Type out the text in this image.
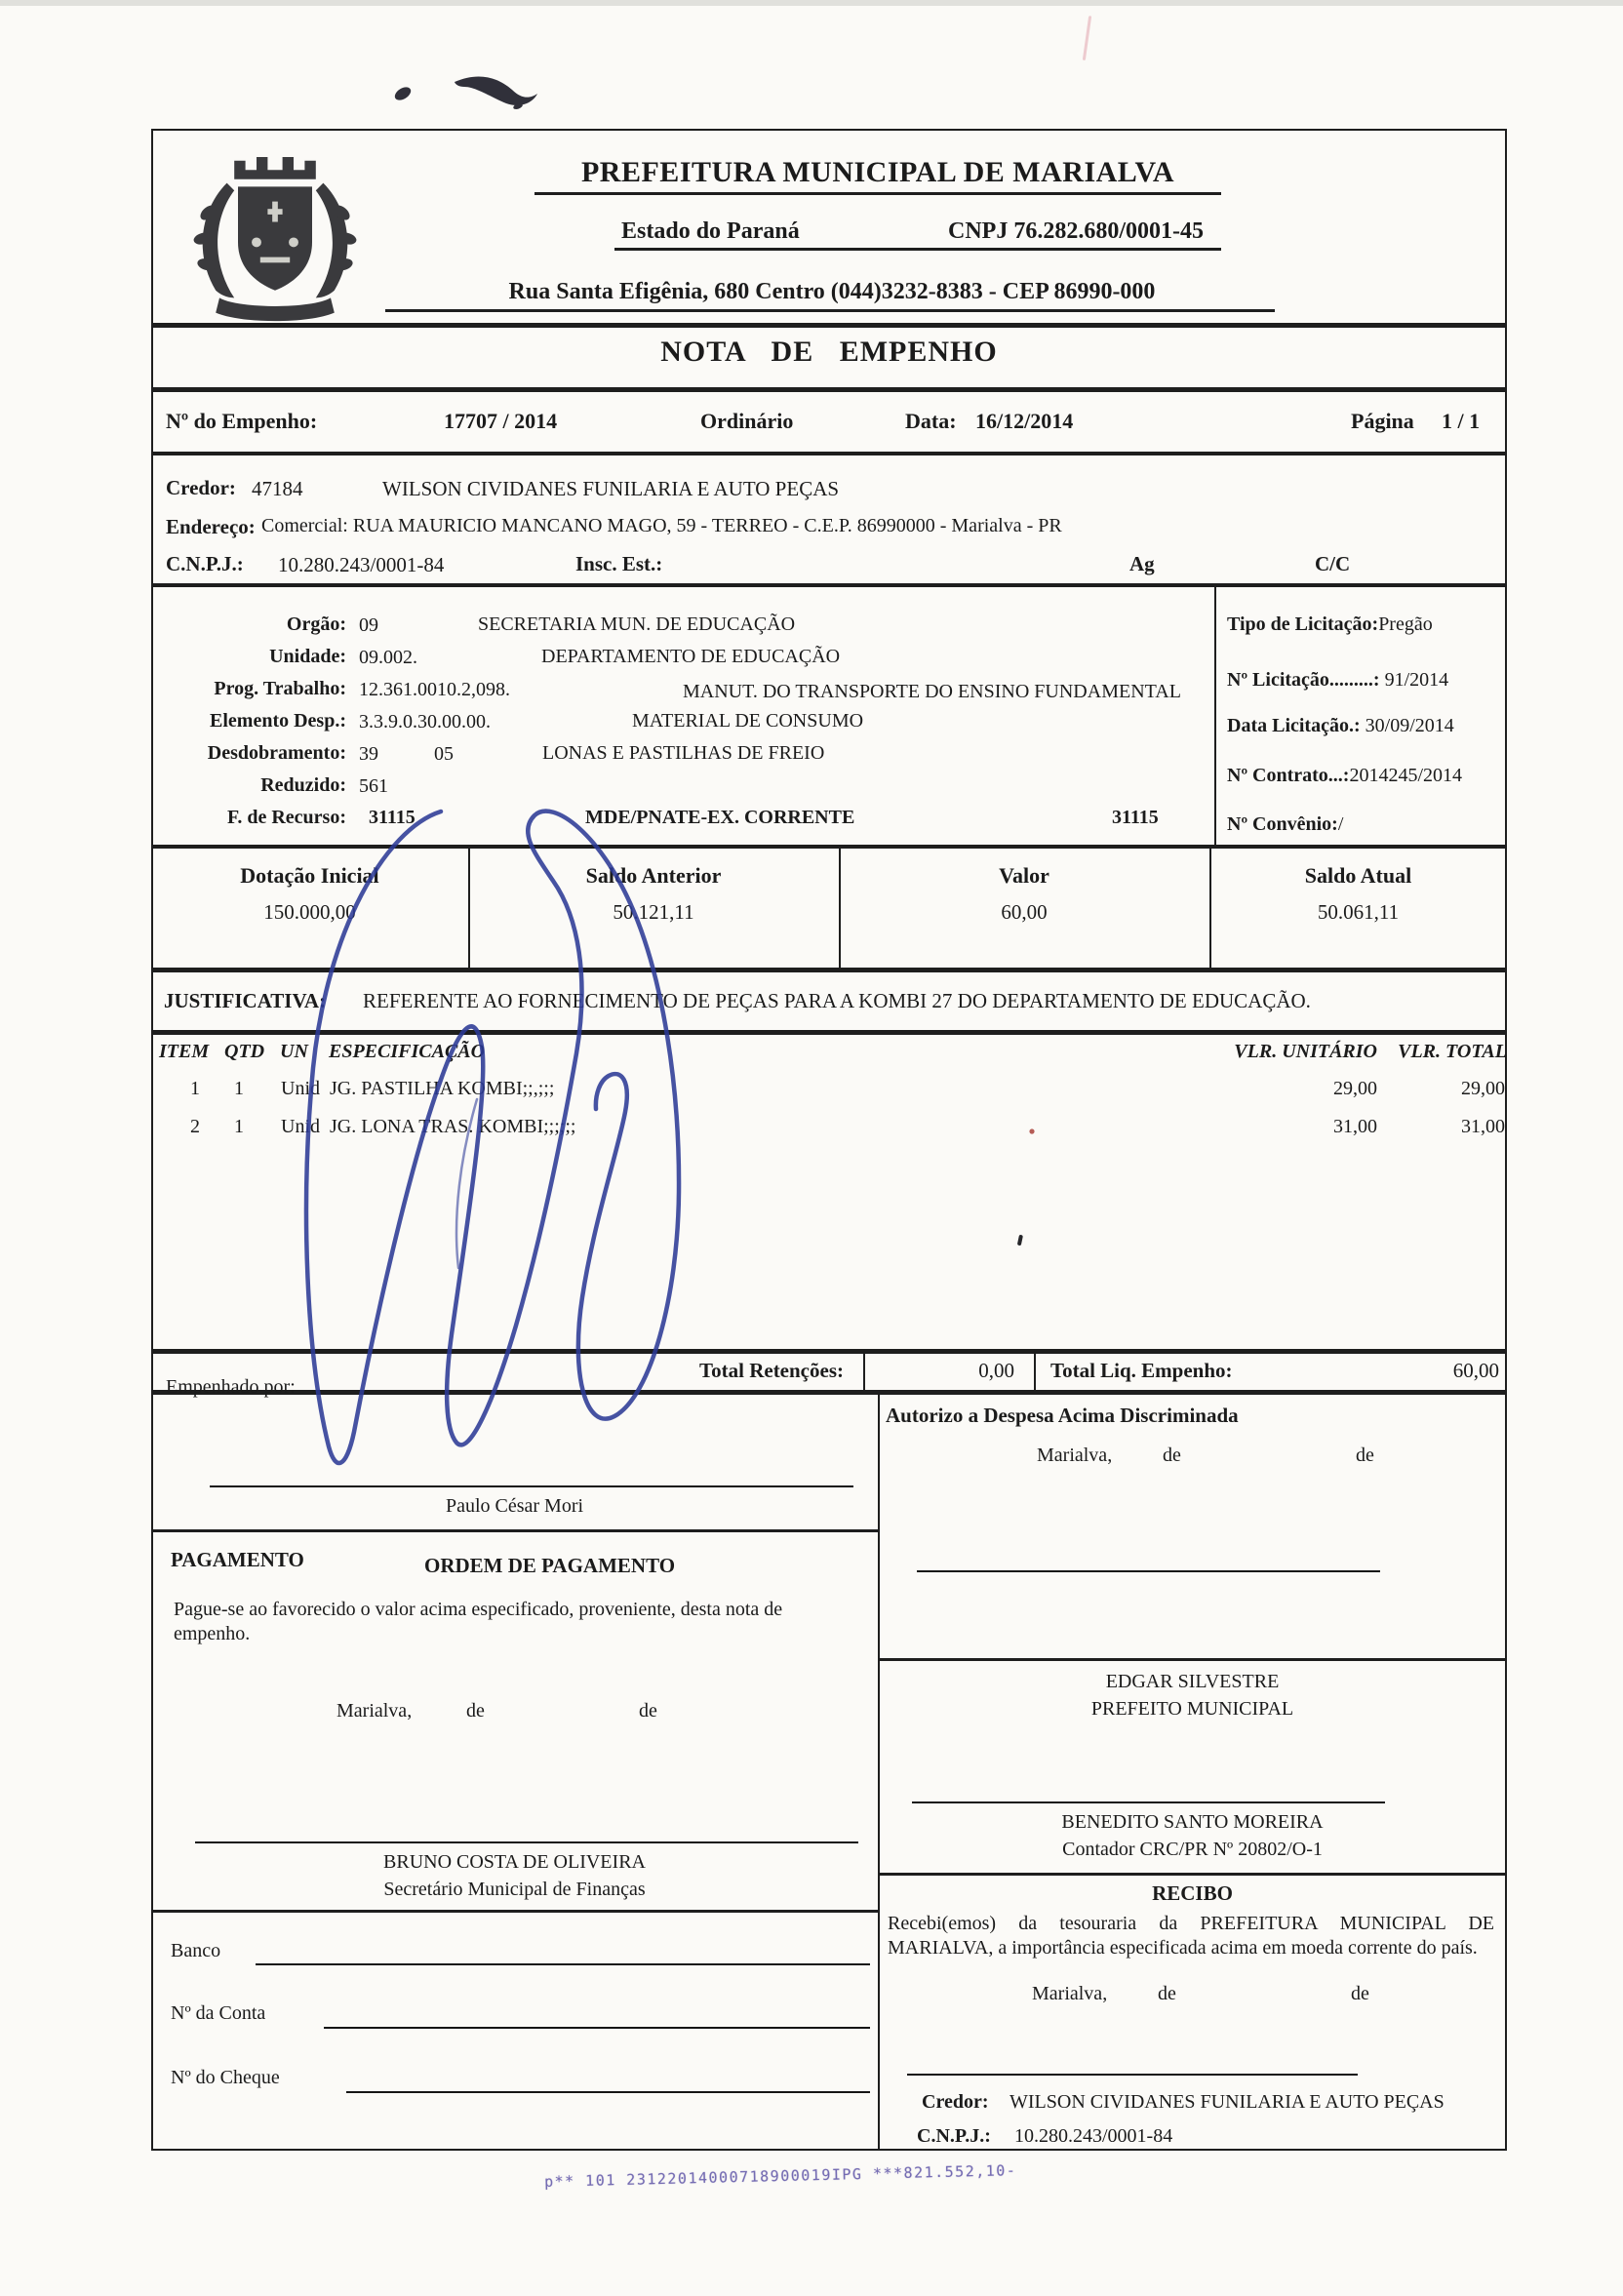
PREFEITURA MUNICIPAL DE MARIALVA
Estado do Paraná	CNPJ 76.282.680/0001-45
Rua Santa Efigênia, 680 Centro (044)3232-8383 - CEP 86990-000
NOTA DE EMPENHO
Nº do Empenho:	17707 / 2014	Ordinário	Data: 16/12/2014	Página 1 / 1
Credor: 47184	WILSON CIVIDANES FUNILARIA E AUTO PEÇAS
Endereço: Comercial: RUA MAURICIO MANCANO MAGO, 59 - TERREO - C.E.P. 86990000 - Marialva - PR
C.N.P.J.: 10.280.243/0001-84	Insc. Est.:	Ag	C/C
Orgão: 09	SECRETARIA MUN. DE EDUCAÇÃO
Unidade: 09.002.	DEPARTAMENTO DE EDUCAÇÃO
Prog. Trabalho: 12.361.0010.2,098.	MANUT. DO TRANSPORTE DO ENSINO FUNDAMENTAL
Elemento Desp.: 3.3.9.0.30.00.00.	MATERIAL DE CONSUMO
Desdobramento: 39	05	LONAS E PASTILHAS DE FREIO
Reduzido: 561
F. de Recurso: 31115	MDE/PNATE-EX. CORRENTE	31115
Tipo de Licitação:Pregão
Nº Licitação.........: 91/2014
Data Licitação.: 30/09/2014
Nº Contrato...:2014245/2014
Nº Convênio:/
Dotação Inicial
150.000,00
Saldo Anterior
50.121,11
Valor
60,00
Saldo Atual
50.061,11
JUSTIFICATIVA: REFERENTE AO FORNECIMENTO DE PEÇAS PARA A KOMBI 27 DO DEPARTAMENTO DE EDUCAÇÃO.
ITEM QTD UN ESPECIFICAÇÃO	VLR. UNITÁRIO	VLR. TOTAL
1	1	Unid JG. PASTILHA KOMBI;;,;;;	29,00	29,00
2	1	Unid JG. LONA TRAS. KOMBI;;;;;;	31,00	31,00
Total Retenções:	0,00 Total Liq. Empenho:	60,00
Empenhado por:
Paulo César Mori
PAGAMENTO	ORDEM DE PAGAMENTO
Pague-se ao favorecido o valor acima especificado, proveniente, desta nota de empenho.
Marialva,	de	de
BRUNO COSTA DE OLIVEIRA
Secretário Municipal de Finanças
Banco
Nº da Conta
Nº do Cheque
Autorizo a Despesa Acima Discriminada
Marialva,	de	de
EDGAR SILVESTRE
PREFEITO MUNICIPAL
BENEDITO SANTO MOREIRA
Contador CRC/PR Nº 20802/O-1
RECIBO
Recebi(emos) da tesouraria da PREFEITURA MUNICIPAL DE MARIALVA, a importância especificada acima em moeda corrente do país.
Marialva,	de	de
Credor: WILSON CIVIDANES FUNILARIA E AUTO PEÇAS
C.N.P.J.: 10.280.243/0001-84
p** 101 23122014000718900019IPG ***821.552,10-
